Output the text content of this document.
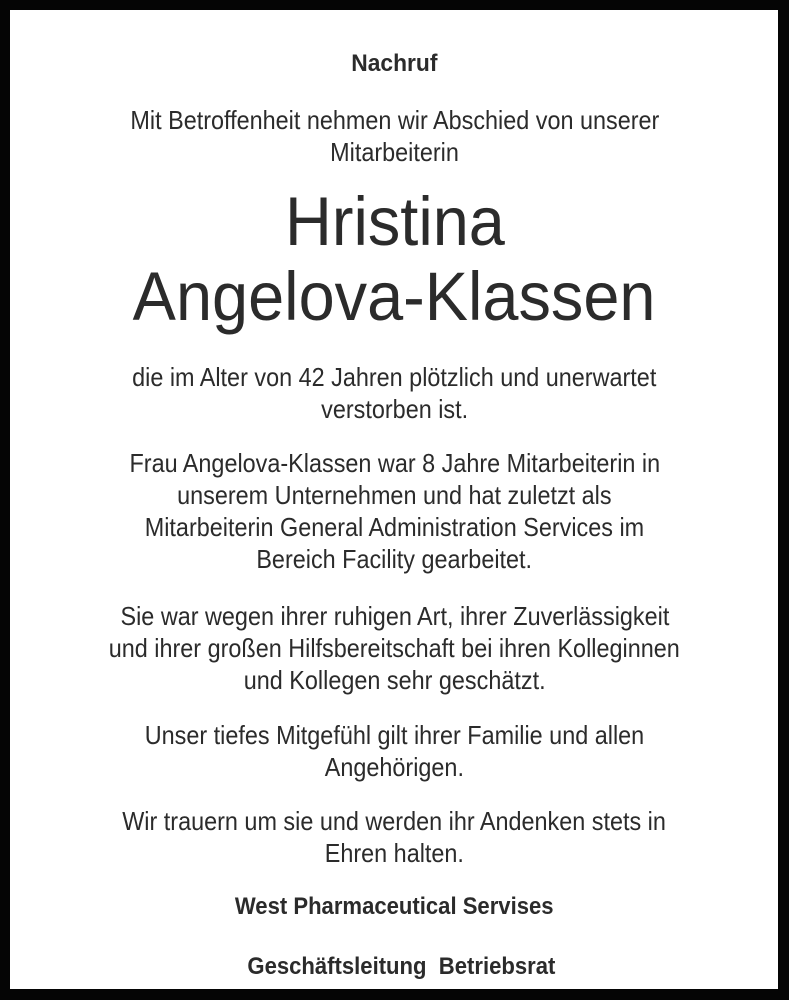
Nachruf
Mit Betroffenheit nehmen wir Abschied von unserer
Mitarbeiterin
Hristina
Angelova-Klassen
die im Alter von 42 Jahren plötzlich und unerwartet
verstorben ist.
Frau Angelova-Klassen war 8 Jahre Mitarbeiterin in
unserem Unternehmen und hat zuletzt als
Mitarbeiterin General Administration Services im
Bereich Facility gearbeitet.
Sie war wegen ihrer ruhigen Art, ihrer Zuverlässigkeit
und ihrer großen Hilfsbereitschaft bei ihren Kolleginnen
und Kollegen sehr geschätzt.
Unser tiefes Mitgefühl gilt ihrer Familie und allen
Angehörigen.
Wir trauern um sie und werden ihr Andenken stets in
Ehren halten.
West Pharmaceutical Servises

Geschäftsleitung  Betriebsrat
